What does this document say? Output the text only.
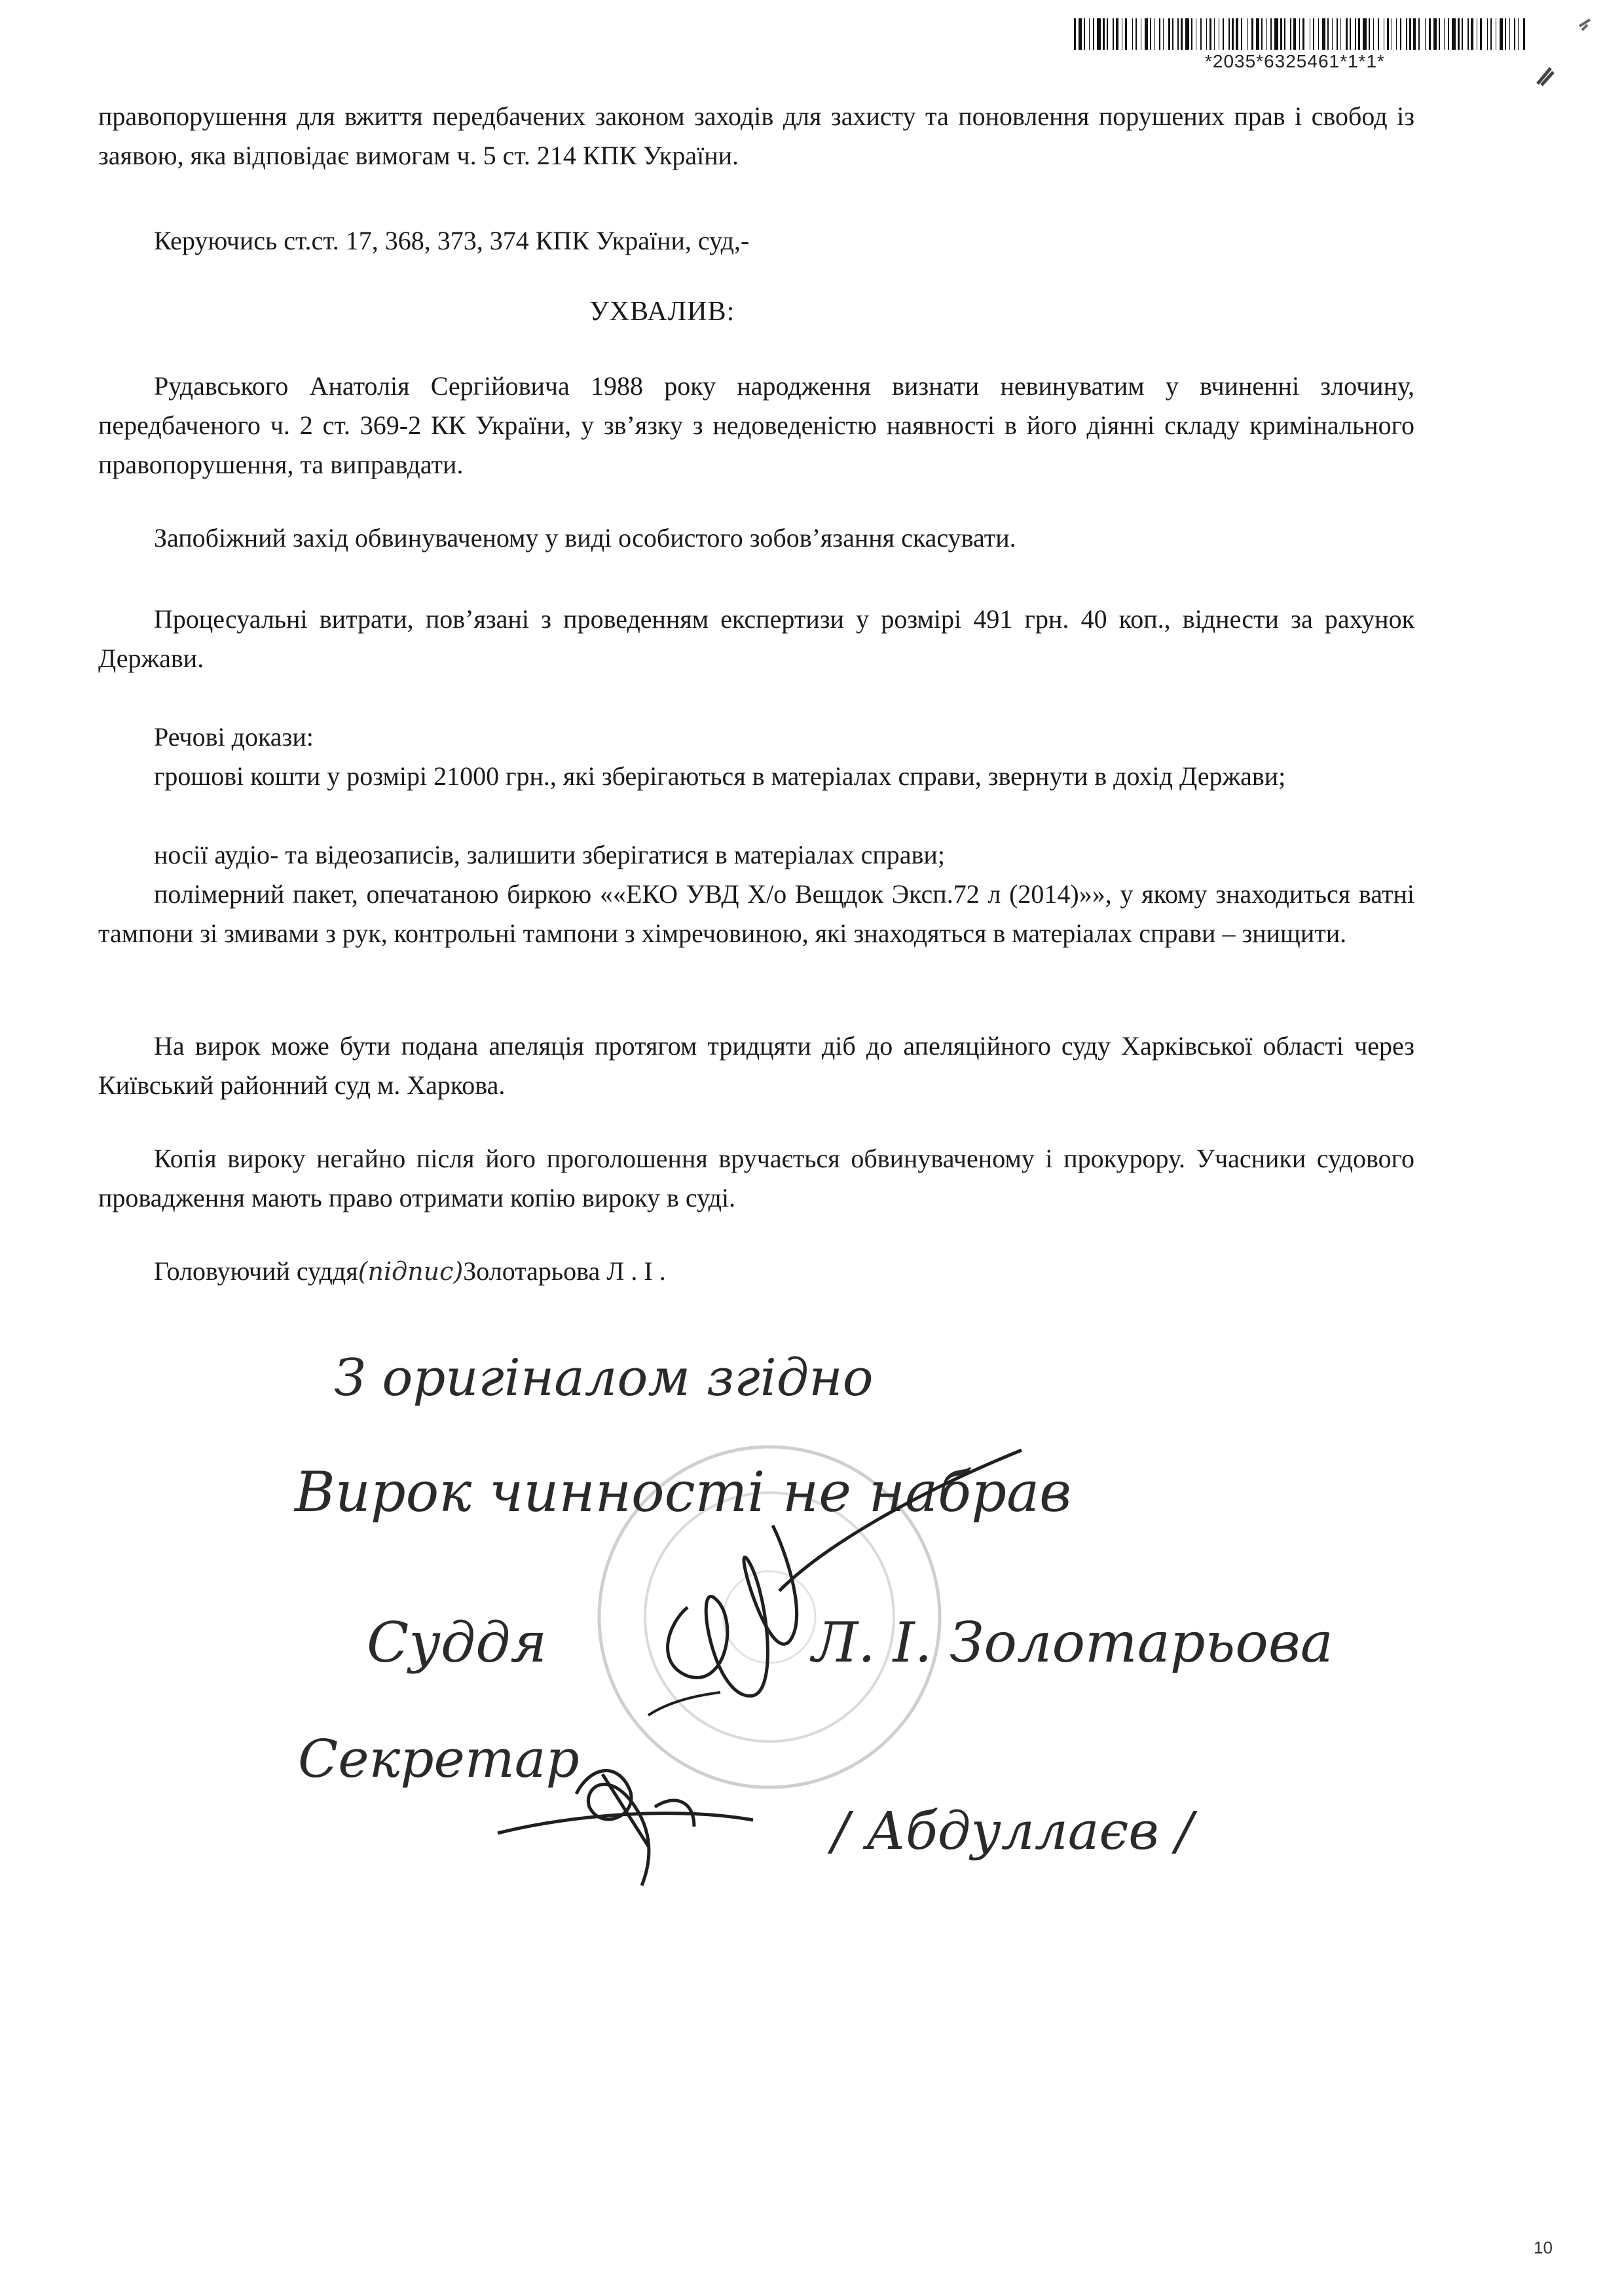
*2035*6325461*1*1*
правопорушення для вжиття передбачених законом заходів для захисту та поновлення порушених прав і свобод із заявою, яка відповідає вимогам ч. 5 ст. 214 КПК України.
Керуючись ст.ст. 17, 368, 373, 374 КПК України, суд,-
УХВАЛИВ:
Рудавського Анатолія Сергійовича 1988 року народження визнати невинуватим у вчиненні злочину, передбаченого ч. 2 ст. 369-2 КК України, у зв’язку з недоведеністю наявності в його діянні складу кримінального правопорушення, та виправдати.
Запобіжний захід обвинуваченому у виді особистого зобов’язання скасувати.
Процесуальні витрати, пов’язані з проведенням експертизи у розмірі 491 грн. 40 коп., віднести за рахунок Держави.
Речові докази:
грошові кошти у розмірі 21000 грн., які зберігаються в матеріалах справи, звернути в дохід Держави;
носії аудіо- та відеозаписів, залишити зберігатися в матеріалах справи;
полімерний пакет, опечатаною биркою ««ЕКО УВД Х/о Вещдок Эксп.72 л (2014)»», у якому знаходиться ватні тампони зі змивами з рук, контрольні тампони з хімречовиною, які знаходяться в матеріалах справи – знищити.
На вирок може бути подана апеляція протягом тридцяти діб до апеляційного суду Харківської області через Київський районний суд м. Харкова.
Копія вироку негайно після його проголошення вручається обвинуваченому і прокурору. Учасники судового провадження мають право отримати копію вироку в суді.
Головуючий суддя(підпис)Золотарьова Л . І .
З оригіналом згідно
Вирок чинності не набрав
Суддя	Л. І. Золотарьова
Секретар
/ Абдуллаєв /
10
